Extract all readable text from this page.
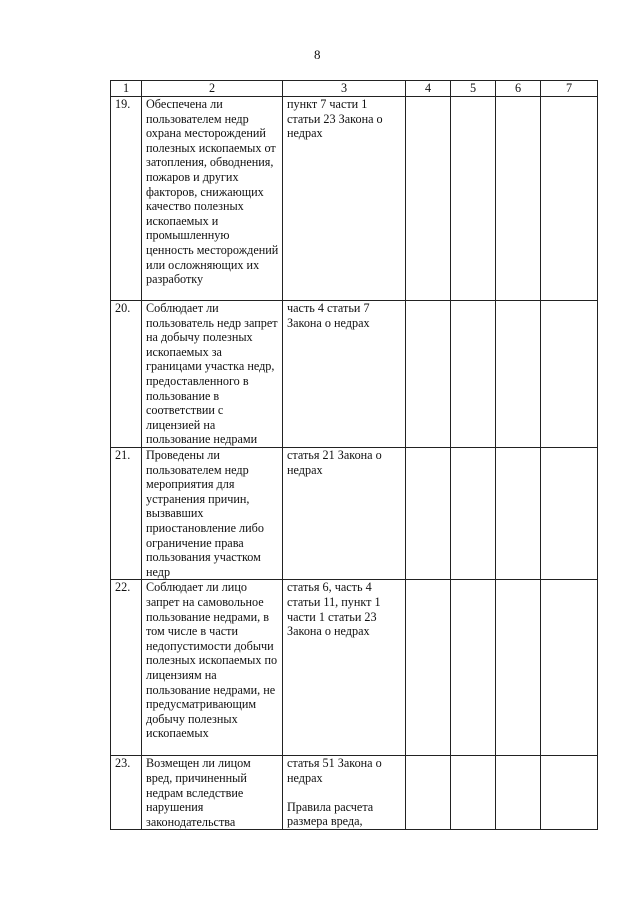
8
1	2	3	4	5	6	7
19.	Обеспечена ли пользователем недр охрана месторождений полезных ископаемых от затопления, обводнения, пожаров и других факторов, снижающих качество полезных ископаемых и промышленную ценность месторождений или осложняющих их разработку	пункт 7 части 1 статьи 23 Закона о недрах				
20.	Соблюдает ли пользователь недр запрет на добычу полезных ископаемых за границами участка недр, предоставленного в пользование в соответствии с лицензией на пользование недрами	часть 4 статьи 7 Закона о недрах				
21.	Проведены ли пользователем недр мероприятия для устранения причин, вызвавших приостановление либо ограничение права пользования участком недр	статья 21 Закона о недрах				
22.	Соблюдает ли лицо запрет на самовольное пользование недрами, в том числе в части недопустимости добычи полезных ископаемых по лицензиям на пользование недрами, не предусматривающим добычу полезных ископаемых	статья 6, часть 4 статьи 11, пункт 1 части 1 статьи 23 Закона о недрах				
23.	Возмещен ли лицом вред, причиненный недрам вследствие нарушения законодательства	статья 51 Закона о недрах
Правила расчета размера вреда,				
